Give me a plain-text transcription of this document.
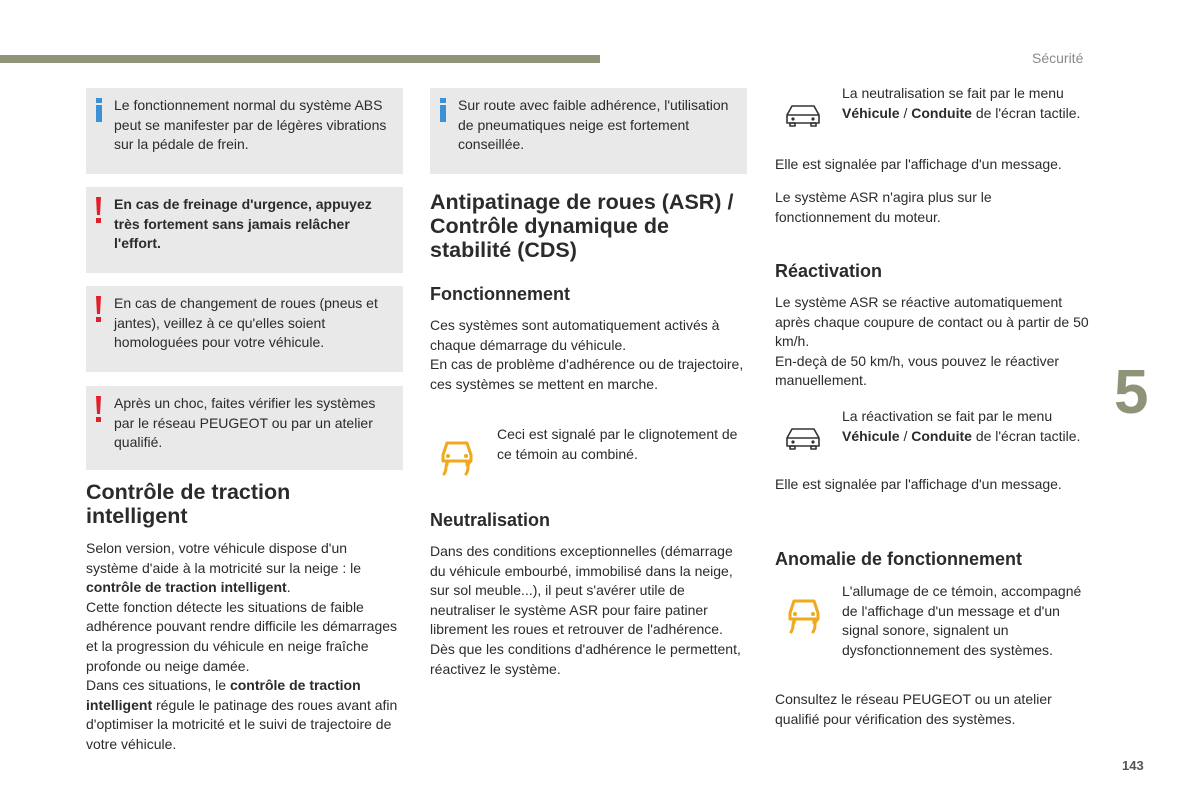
Sécurité
5
143
Le fonctionnement normal du système ABS peut se manifester par de légères vibrations sur la pédale de frein.
En cas de freinage d'urgence, appuyez très fortement sans jamais relâcher l'effort.
En cas de changement de roues (pneus et jantes), veillez à ce qu'elles soient homologuées pour votre véhicule.
Après un choc, faites vérifier les systèmes par le réseau PEUGEOT ou par un atelier qualifié.
Contrôle de traction intelligent

Selon version, votre véhicule dispose d'un système d'aide à la motricité sur la neige : le contrôle de traction intelligent.
Cette fonction détecte les situations de faible adhérence pouvant rendre difficile les démarrages et la progression du véhicule en neige fraîche profonde ou neige damée.
Dans ces situations, le contrôle de traction intelligent régule le patinage des roues avant afin d'optimiser la motricité et le suivi de trajectoire de votre véhicule.

Sur route avec faible adhérence, l'utilisation de pneumatiques neige est fortement conseillée.
Antipatinage de roues (ASR) / Contrôle dynamique de stabilité (CDS)
Fonctionnement

Ces systèmes sont automatiquement activés à chaque démarrage du véhicule.
En cas de problème d'adhérence ou de trajectoire, ces systèmes se mettent en marche.

Ceci est signalé par le clignotement de ce témoin au combiné.

Neutralisation

Dans des conditions exceptionnelles (démarrage du véhicule embourbé, immobilisé dans la neige, sur sol meuble...), il peut s'avérer utile de neutraliser le système ASR pour faire patiner librement les roues et retrouver de l'adhérence.
Dès que les conditions d'adhérence le permettent, réactivez le système.

La neutralisation se fait par le menu Véhicule / Conduite de l'écran tactile.

Elle est signalée par l'affichage d'un message.

Le système ASR n'agira plus sur le fonctionnement du moteur.

Réactivation

Le système ASR se réactive automatiquement après chaque coupure de contact ou à partir de 50 km/h.
En-deçà de 50 km/h, vous pouvez le réactiver manuellement.

La réactivation se fait par le menu Véhicule / Conduite de l'écran tactile.

Elle est signalée par l'affichage d'un message.

Anomalie de fonctionnement

L'allumage de ce témoin, accompagné de l'affichage d'un message et d'un signal sonore, signalent un dysfonctionnement des systèmes.

Consultez le réseau PEUGEOT ou un atelier qualifié pour vérification des systèmes.
